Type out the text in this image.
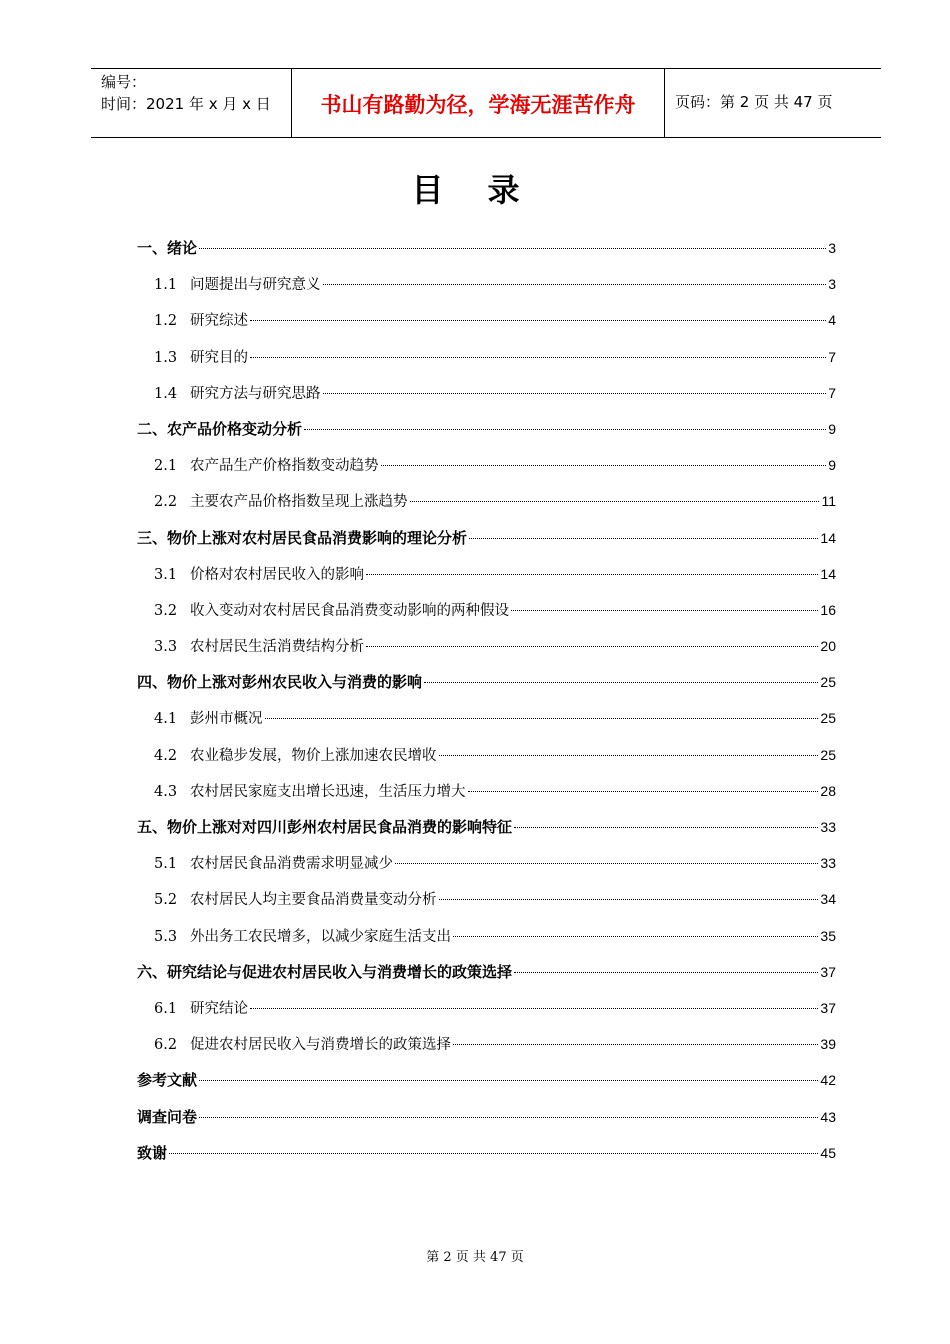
编号：
时间：2021 年 x 月 x 日	书山有路勤为径，学海无涯苦作舟	页码：第 2 页 共 47 页
目录
一、绪论	3
1.1 问题提出与研究意义	3
1.2 研究综述	4
1.3 研究目的	7
1.4 研究方法与研究思路	7
二、农产品价格变动分析	9
2.1 农产品生产价格指数变动趋势	9
2.2 主要农产品价格指数呈现上涨趋势	11
三、物价上涨对农村居民食品消费影响的理论分析	14
3.1 价格对农村居民收入的影响	14
3.2 收入变动对农村居民食品消费变动影响的两种假设	16
3.3 农村居民生活消费结构分析	20
四、物价上涨对彭州农民收入与消费的影响	25
4.1 彭州市概况	25
4.2 农业稳步发展，物价上涨加速农民增收	25
4.3 农村居民家庭支出增长迅速，生活压力增大	28
五、物价上涨对对四川彭州农村居民食品消费的影响特征	33
5.1 农村居民食品消费需求明显减少	33
5.2 农村居民人均主要食品消费量变动分析	34
5.3 外出务工农民增多，以减少家庭生活支出	35
六、研究结论与促进农村居民收入与消费增长的政策选择	37
6.1 研究结论	37
6.2 促进农村居民收入与消费增长的政策选择	39
参考文献	42
调查问卷	43
致谢	45
第 2 页 共 47 页
